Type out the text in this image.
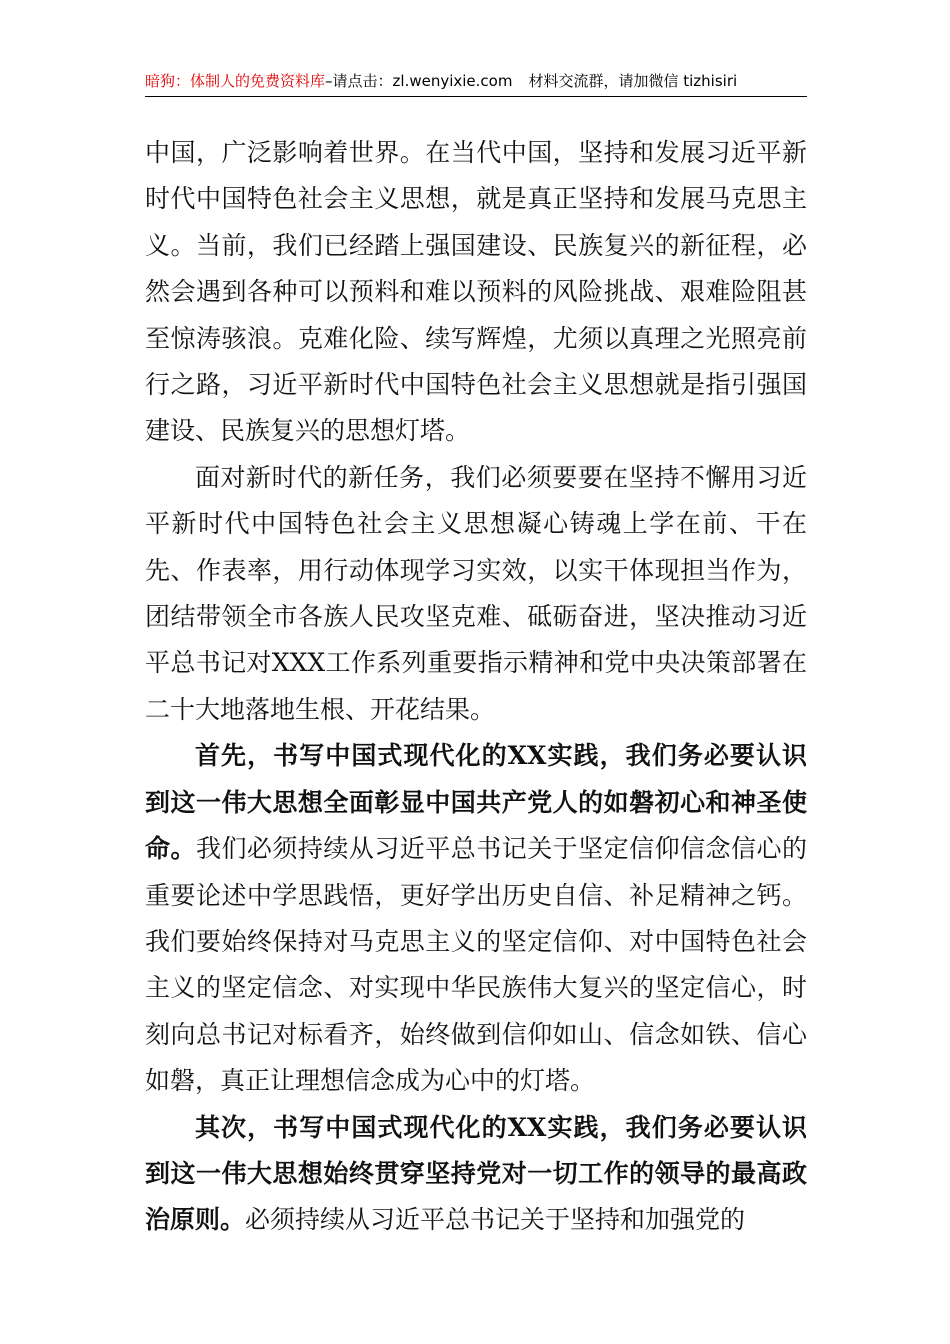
暗狗：体制人的免费资料库–请点击：zl.wenyixie.com 材料交流群，请加微信 tizhisiri

中国，广泛影响着世界。在当代中国，坚持和发展习近平新时代中国特色社会主义思想，就是真正坚持和发展马克思主义。当前，我们已经踏上强国建设、民族复兴的新征程，必然会遇到各种可以预料和难以预料的风险挑战、艰难险阻甚至惊涛骇浪。克难化险、续写辉煌，尤须以真理之光照亮前行之路，习近平新时代中国特色社会主义思想就是指引强国建设、民族复兴的思想灯塔。

面对新时代的新任务，我们必须要要在坚持不懈用习近平新时代中国特色社会主义思想凝心铸魂上学在前、干在先、作表率，用行动体现学习实效，以实干体现担当作为，团结带领全市各族人民攻坚克难、砥砺奋进，坚决推动习近平总书记对XXX工作系列重要指示精神和党中央决策部署在二十大地落地生根、开花结果。

首先，书写中国式现代化的XX实践，我们务必要认识到这一伟大思想全面彰显中国共产党人的如磐初心和神圣使命。我们必须持续从习近平总书记关于坚定信仰信念信心的重要论述中学思践悟，更好学出历史自信、补足精神之钙。我们要始终保持对马克思主义的坚定信仰、对中国特色社会主义的坚定信念、对实现中华民族伟大复兴的坚定信心，时刻向总书记对标看齐，始终做到信仰如山、信念如铁、信心如磐，真正让理想信念成为心中的灯塔。

其次，书写中国式现代化的XX实践，我们务必要认识到这一伟大思想始终贯穿坚持党对一切工作的领导的最高政治原则。必须持续从习近平总书记关于坚持和加强党的
